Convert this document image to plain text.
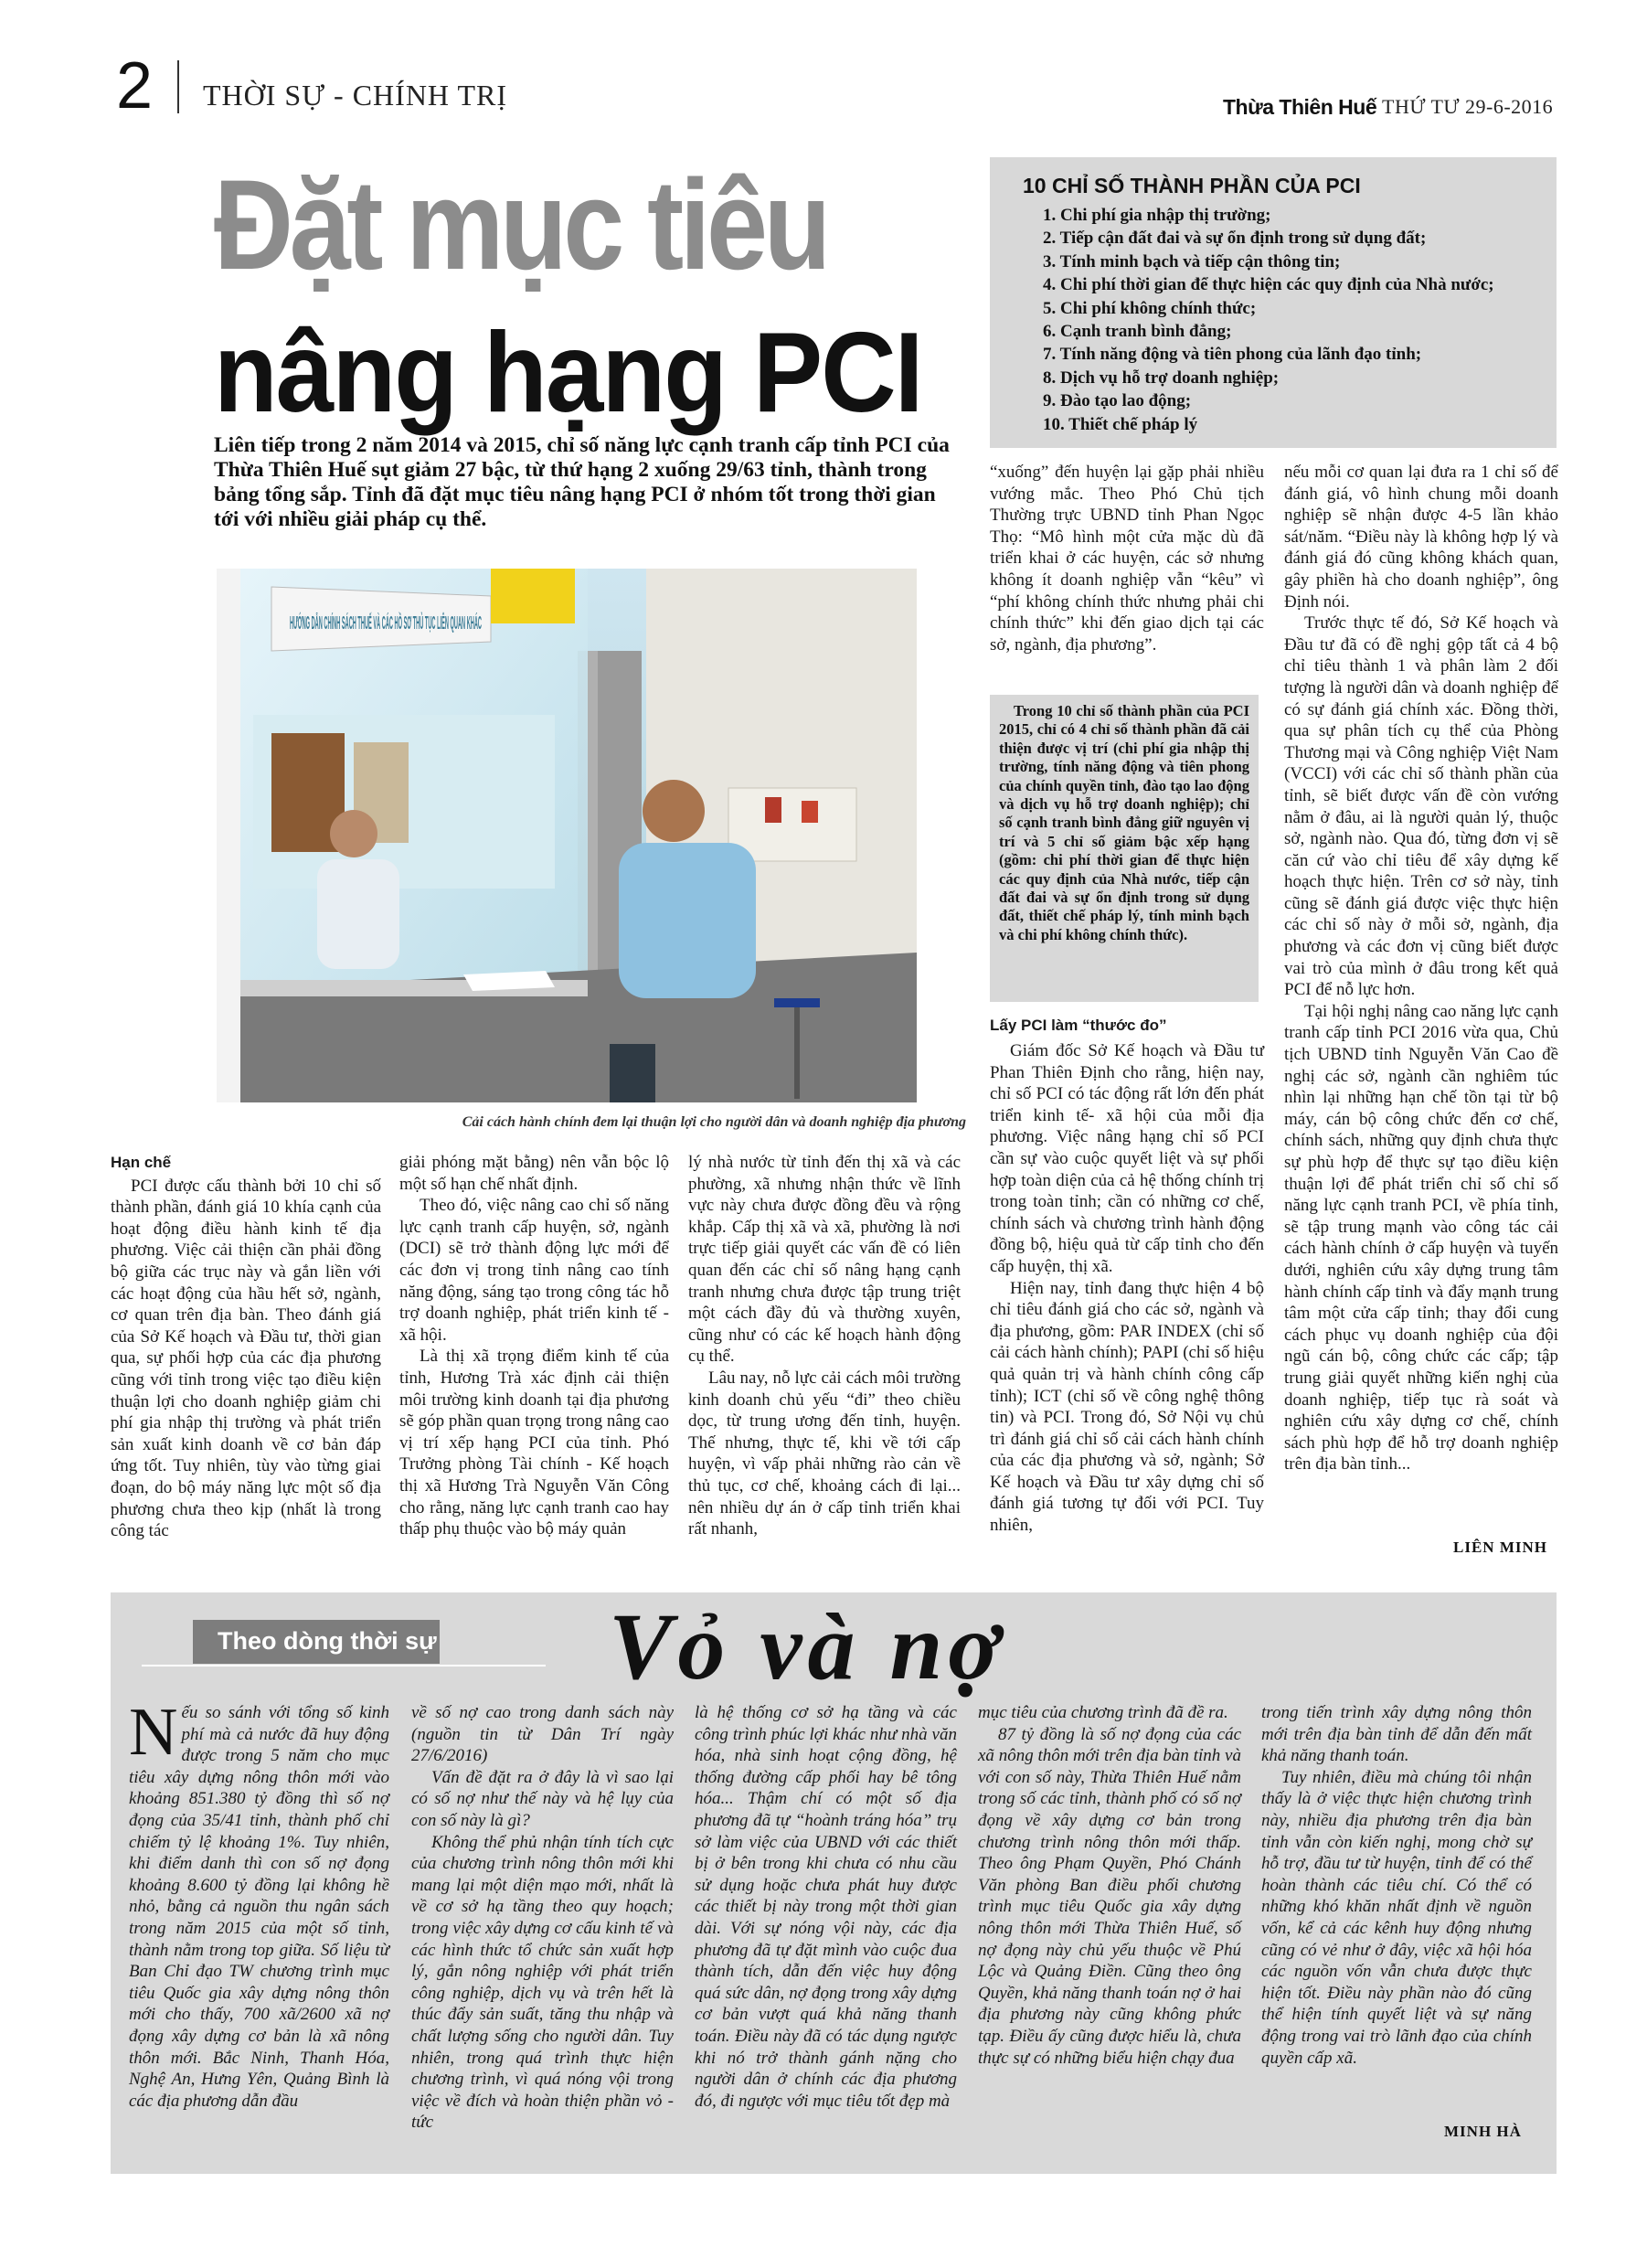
2 THỜI SỰ - CHÍNH TRỊ	Thừa Thiên Huế THỨ TƯ 29-6-2016
Đặt mục tiêu
nâng hạng PCI
Liên tiếp trong 2 năm 2014 và 2015, chỉ số năng lực cạnh tranh cấp tỉnh PCI của Thừa Thiên Huế sụt giảm 27 bậc, từ thứ hạng 2 xuống 29/63 tỉnh, thành trong bảng tổng sắp. Tỉnh đã đặt mục tiêu nâng hạng PCI ở nhóm tốt trong thời gian tới với nhiều giải pháp cụ thể.
Cải cách hành chính đem lại thuận lợi cho người dân và doanh nghiệp địa phương
10 CHỈ SỐ THÀNH PHẦN CỦA PCI
1. Chi phí gia nhập thị trường;
2. Tiếp cận đất đai và sự ổn định trong sử dụng đất;
3. Tính minh bạch và tiếp cận thông tin;
4. Chi phí thời gian để thực hiện các quy định của Nhà nước;
5. Chi phí không chính thức;
6. Cạnh tranh bình đẳng;
7. Tính năng động và tiên phong của lãnh đạo tỉnh;
8. Dịch vụ hỗ trợ doanh nghiệp;
9. Đào tạo lao động;
10. Thiết chế pháp lý

Hạn chế

PCI được cấu thành bởi 10 chỉ số thành phần, đánh giá 10 khía cạnh của hoạt động điều hành kinh tế địa phương. Việc cải thiện cần phải đồng bộ giữa các trục này và gắn liền với các hoạt động của hầu hết sở, ngành, cơ quan trên địa bàn. Theo đánh giá của Sở Kế hoạch và Đầu tư, thời gian qua, sự phối hợp của các địa phương cũng với tỉnh trong việc tạo điều kiện thuận lợi cho doanh nghiệp giảm chi phí gia nhập thị trường và phát triển sản xuất kinh doanh về cơ bản đáp ứng tốt. Tuy nhiên, tùy vào từng giai đoạn, do bộ máy năng lực một số địa phương chưa theo kịp (nhất là trong công tác

giải phóng mặt bằng) nên vẫn bộc lộ một số hạn chế nhất định.

Theo đó, việc nâng cao chỉ số năng lực cạnh tranh cấp huyện, sở, ngành (DCI) sẽ trở thành động lực mới để các đơn vị trong tỉnh nâng cao tính năng động, sáng tạo trong công tác hỗ trợ doanh nghiệp, phát triển kinh tế - xã hội.

Là thị xã trọng điểm kinh tế của tỉnh, Hương Trà xác định cải thiện môi trường kinh doanh tại địa phương sẽ góp phần quan trọng trong nâng cao vị trí xếp hạng PCI của tỉnh. Phó Trưởng phòng Tài chính - Kế hoạch thị xã Hương Trà Nguyễn Văn Công cho rằng, năng lực cạnh tranh cao hay thấp phụ thuộc vào bộ máy quản

lý nhà nước từ tỉnh đến thị xã và các phường, xã nhưng nhận thức về lĩnh vực này chưa được đồng đều và rộng khắp. Cấp thị xã và xã, phường là nơi trực tiếp giải quyết các vấn đề có liên quan đến các chỉ số nâng hạng cạnh tranh nhưng chưa được tập trung triệt một cách đầy đủ và thường xuyên, cũng như có các kế hoạch hành động cụ thể.

Lâu nay, nỗ lực cải cách môi trường kinh doanh chủ yếu “đi” theo chiều dọc, từ trung ương đến tỉnh, huyện. Thế nhưng, thực tế, khi về tới cấp huyện, vì vấp phải những rào cản về thủ tục, cơ chế, khoảng cách đi lại... nên nhiều dự án ở cấp tỉnh triển khai rất nhanh,

“xuống” đến huyện lại gặp phải nhiều vướng mắc. Theo Phó Chủ tịch Thường trực UBND tỉnh Phan Ngọc Thọ: “Mô hình một cửa mặc dù đã triển khai ở các huyện, các sở nhưng không ít doanh nghiệp vẫn “kêu” vì “phí không chính thức nhưng phải chi chính thức” khi đến giao dịch tại các sở, ngành, địa phương”.

Trong 10 chỉ số thành phần của PCI 2015, chỉ có 4 chỉ số thành phần đã cải thiện được vị trí (chi phí gia nhập thị trường, tính năng động và tiên phong của chính quyền tỉnh, đào tạo lao động và dịch vụ hỗ trợ doanh nghiệp); chỉ số cạnh tranh bình đẳng giữ nguyên vị trí và 5 chỉ số giảm bậc xếp hạng (gồm: chi phí thời gian để thực hiện các quy định của Nhà nước, tiếp cận đất đai và sự ổn định trong sử dụng đất, thiết chế pháp lý, tính minh bạch và chi phí không chính thức).

Lấy PCI làm “thước đo”

Giám đốc Sở Kế hoạch và Đầu tư Phan Thiên Định cho rằng, hiện nay, chỉ số PCI có tác động rất lớn đến phát triển kinh tế- xã hội của mỗi địa phương. Việc nâng hạng chỉ số PCI cần sự vào cuộc quyết liệt và sự phối hợp toàn diện của cả hệ thống chính trị trong toàn tỉnh; cần có những cơ chế, chính sách và chương trình hành động đồng bộ, hiệu quả từ cấp tỉnh cho đến cấp huyện, thị xã.

Hiện nay, tỉnh đang thực hiện 4 bộ chỉ tiêu đánh giá cho các sở, ngành và địa phương, gồm: PAR INDEX (chỉ số cải cách hành chính); PAPI (chỉ số hiệu quả quản trị và hành chính công cấp tỉnh); ICT (chỉ số về công nghệ thông tin) và PCI. Trong đó, Sở Nội vụ chủ trì đánh giá chỉ số cải cách hành chính của các địa phương và sở, ngành; Sở Kế hoạch và Đầu tư xây dựng chỉ số đánh giá tương tự đối với PCI. Tuy nhiên,

nếu mỗi cơ quan lại đưa ra 1 chỉ số để đánh giá, vô hình chung mỗi doanh nghiệp sẽ nhận được 4-5 lần khảo sát/năm. “Điều này là không hợp lý và đánh giá đó cũng không khách quan, gây phiền hà cho doanh nghiệp”, ông Định nói.

Trước thực tế đó, Sở Kế hoạch và Đầu tư đã có đề nghị gộp tất cả 4 bộ chỉ tiêu thành 1 và phân làm 2 đối tượng là người dân và doanh nghiệp để có sự đánh giá chính xác. Đồng thời, qua sự phân tích cụ thể của Phòng Thương mại và Công nghiệp Việt Nam (VCCI) với các chỉ số thành phần của tỉnh, sẽ biết được vấn đề còn vướng nằm ở đâu, ai là người quản lý, thuộc sở, ngành nào. Qua đó, từng đơn vị sẽ căn cứ vào chỉ tiêu để xây dựng kế hoạch thực hiện. Trên cơ sở này, tỉnh cũng sẽ đánh giá được việc thực hiện các chỉ số này ở mỗi sở, ngành, địa phương và các đơn vị cũng biết được vai trò của mình ở đâu trong kết quả PCI để nỗ lực hơn.

Tại hội nghị nâng cao năng lực cạnh tranh cấp tỉnh PCI 2016 vừa qua, Chủ tịch UBND tỉnh Nguyễn Văn Cao đề nghị các sở, ngành cần nghiêm túc nhìn lại những hạn chế tồn tại từ bộ máy, cán bộ công chức đến cơ chế, chính sách, những quy định chưa thực sự phù hợp để thực sự tạo điều kiện thuận lợi để phát triển chỉ số chỉ số năng lực cạnh tranh PCI, về phía tỉnh, sẽ tập trung mạnh vào công tác cải cách hành chính ở cấp huyện và tuyến dưới, nghiên cứu xây dựng trung tâm hành chính cấp tỉnh và đẩy mạnh trung tâm một cửa cấp tỉnh; thay đổi cung cách phục vụ doanh nghiệp của đội ngũ cán bộ, công chức các cấp; tập trung giải quyết những kiến nghị của doanh nghiệp, tiếp tục rà soát và nghiên cứu xây dựng cơ chế, chính sách phù hợp để hỗ trợ doanh nghiệp trên địa bàn tỉnh...

LIÊN MINH
Theo dòng thời sự Vỏ và nợ

Nếu so sánh với tổng số kinh phí mà cả nước đã huy động được trong 5 năm cho mục tiêu xây dựng nông thôn mới vào khoảng 851.380 tỷ đồng thì số nợ đọng của 35/41 tỉnh, thành phố chỉ chiếm tỷ lệ khoảng 1%. Tuy nhiên, khi điểm danh thì con số nợ đọng khoảng 8.600 tỷ đồng lại không hề nhỏ, bằng cả nguồn thu ngân sách trong năm 2015 của một số tỉnh, thành nằm trong top giữa. Số liệu từ Ban Chỉ đạo TW chương trình mục tiêu Quốc gia xây dựng nông thôn mới cho thấy, 700 xã/2600 xã nợ đọng xây dựng cơ bản là xã nông thôn mới. Bắc Ninh, Thanh Hóa, Nghệ An, Hưng Yên, Quảng Bình là các địa phương dẫn đầu

về số nợ cao trong danh sách này (nguồn tin từ Dân Trí ngày 27/6/2016)

Vấn đề đặt ra ở đây là vì sao lại có số nợ như thế này và hệ lụy của con số này là gì?

Không thể phủ nhận tính tích cực của chương trình nông thôn mới khi mang lại một diện mạo mới, nhất là về cơ sở hạ tầng theo quy hoạch; trong việc xây dựng cơ cấu kinh tế và các hình thức tổ chức sản xuất hợp lý, gắn nông nghiệp với phát triển công nghiệp, dịch vụ và trên hết là thúc đẩy sản suất, tăng thu nhập và chất lượng sống cho người dân. Tuy nhiên, trong quá trình thực hiện chương trình, vì quá nóng vội trong việc về đích và hoàn thiện phần vỏ - tức

là hệ thống cơ sở hạ tầng và các công trình phúc lợi khác như nhà văn hóa, nhà sinh hoạt cộng đồng, hệ thống đường cấp phối hay bê tông hóa... Thậm chí có một số địa phương đã tự “hoành tráng hóa” trụ sở làm việc của UBND với các thiết bị ở bên trong khi chưa có nhu cầu sử dụng hoặc chưa phát huy được các thiết bị này trong một thời gian dài. Với sự nóng vội này, các địa phương đã tự đặt mình vào cuộc đua thành tích, dẫn đến việc huy động quá sức dân, nợ đọng trong xây dựng cơ bản vượt quá khả năng thanh toán. Điều này đã có tác dụng ngược khi nó trở thành gánh nặng cho người dân ở chính các địa phương đó, đi ngược với mục tiêu tốt đẹp mà

mục tiêu của chương trình đã đề ra.

87 tỷ đồng là số nợ đọng của các xã nông thôn mới trên địa bàn tỉnh và với con số này, Thừa Thiên Huế nằm trong số các tỉnh, thành phố có số nợ đọng về xây dựng cơ bản trong chương trình nông thôn mới thấp. Theo ông Phạm Quyền, Phó Chánh Văn phòng Ban điều phối chương trình mục tiêu Quốc gia xây dựng nông thôn mới Thừa Thiên Huế, số nợ đọng này chủ yếu thuộc về Phú Lộc và Quảng Điền. Cũng theo ông Quyền, khả năng thanh toán nợ ở hai địa phương này cũng không phức tạp. Điều ấy cũng được hiểu là, chưa thực sự có những biểu hiện chạy đua

trong tiến trình xây dựng nông thôn mới trên địa bàn tỉnh để dẫn đến mất khả năng thanh toán.

Tuy nhiên, điều mà chúng tôi nhận thấy là ở việc thực hiện chương trình này, nhiều địa phương trên địa bàn tỉnh vẫn còn kiến nghị, mong chờ sự hỗ trợ, đầu tư từ huyện, tỉnh để có thể hoàn thành các tiêu chí. Có thể có những khó khăn nhất định về nguồn vốn, kể cả các kênh huy động nhưng cũng có vẻ như ở đây, việc xã hội hóa các nguồn vốn vẫn chưa được thực hiện tốt. Điều này phần nào đó cũng thể hiện tính quyết liệt và sự năng động trong vai trò lãnh đạo của chính quyền cấp xã.

MINH HÀ
